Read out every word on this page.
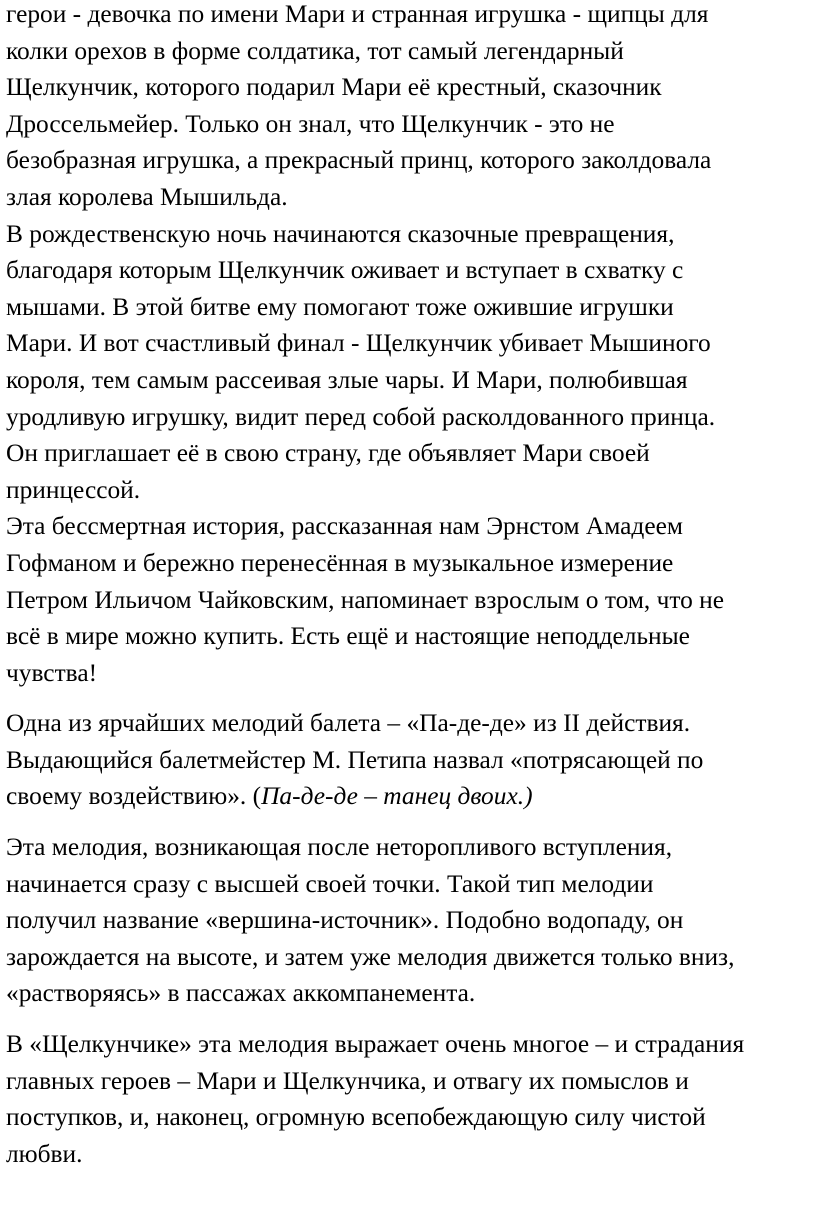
герои - девочка по имени Мари и странная игрушка - щипцы для
колки орехов в форме солдатика, тот самый легендарный
Щелкунчик, которого подарил Мари её крестный, сказочник
Дроссельмейер. Только он знал, что Щелкунчик - это не
безобразная игрушка, а прекрасный принц, которого заколдовала
злая королева Мышильда.

В рождественскую ночь начинаются сказочные превращения,
благодаря которым Щелкунчик оживает и вступает в схватку с
мышами. В этой битве ему помогают тоже ожившие игрушки
Мари. И вот счастливый финал - Щелкунчик убивает Мышиного
короля, тем самым рассеивая злые чары. И Мари, полюбившая
уродливую игрушку, видит перед собой расколдованного принца.
Он приглашает её в свою страну, где объявляет Мари своей
принцессой.

Эта бессмертная история, рассказанная нам Эрнстом Амадеем
Гофманом и бережно перенесённая в музыкальное измерение
Петром Ильичом Чайковским, напоминает взрослым о том, что не
всё в мире можно купить. Есть ещё и настоящие неподдельные
чувства!

Одна из ярчайших мелодий балета – «Па-де-де» из II действия.
Выдающийся балетмейстер М. Петипа назвал «потрясающей по
своему воздействию». (Па-де-де – танец двоих.)

Эта мелодия, возникающая после неторопливого вступления,
начинается сразу с высшей своей точки. Такой тип мелодии
получил название «вершина-источник». Подобно водопаду, он
зарождается на высоте, и затем уже мелодия движется только вниз,
«растворяясь» в пассажах аккомпанемента.

В «Щелкунчике» эта мелодия выражает очень многое – и страдания
главных героев – Мари и Щелкунчика, и отвагу их помыслов и
поступков, и, наконец, огромную всепобеждающую силу чистой
любви.
